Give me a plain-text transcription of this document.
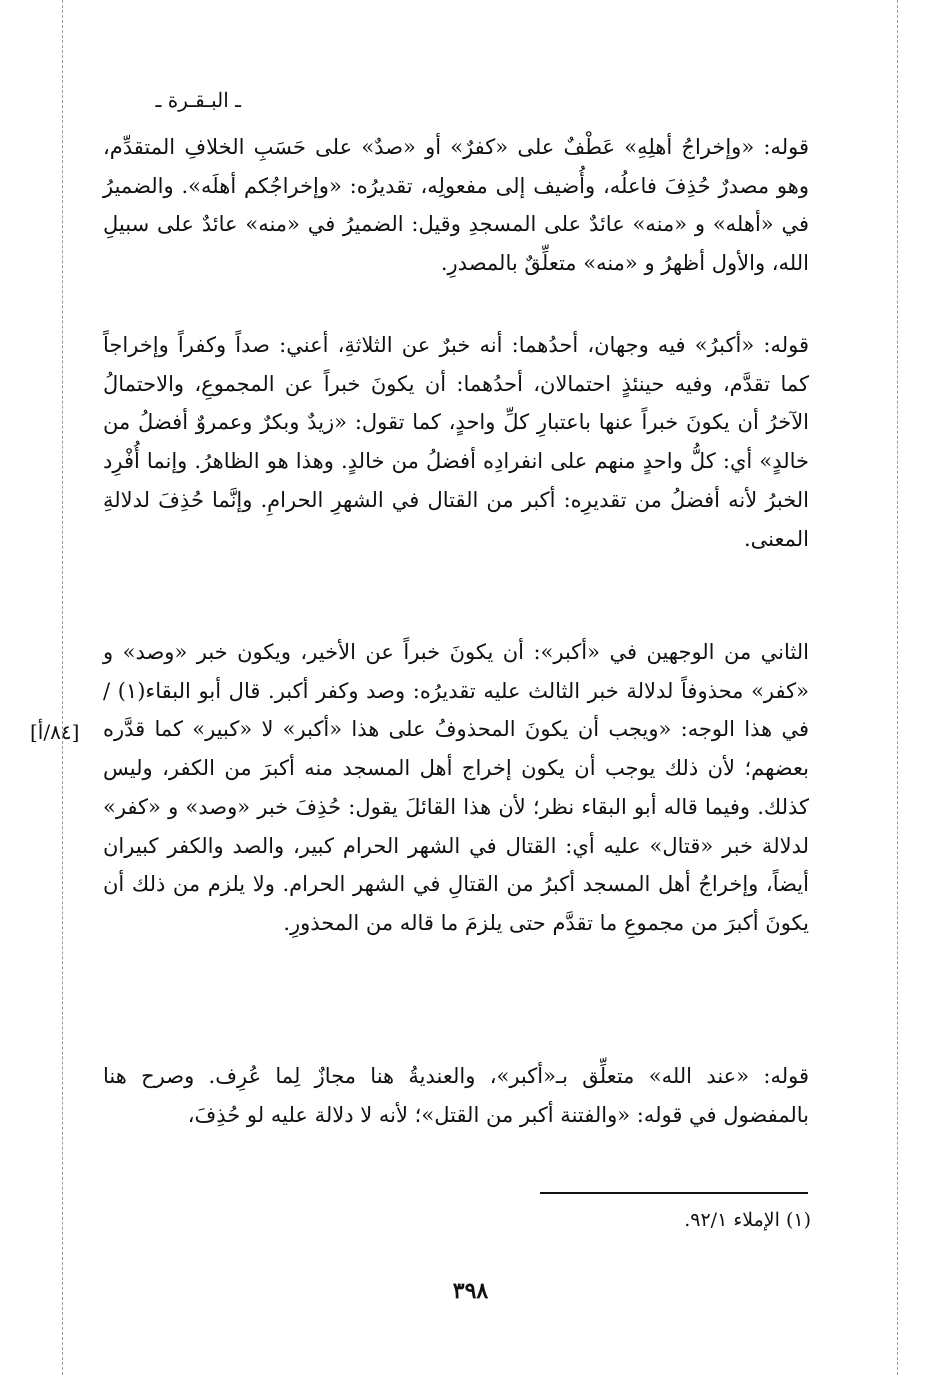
ـ البـقـرة ـ

قوله: «وإخراجُ أهلِهِ» عَطْفٌ على «كفرٌ» أو «صدٌ» على حَسَبِ الخلافِ المتقدِّم، وهو مصدرٌ حُذِفَ فاعلُه، وأُضيف إلى مفعولِه، تقديرُه: «وإخراجُكم أهلَه». والضميرُ في «أهله» و «منه» عائدٌ على المسجدِ وقيل: الضميرُ في «منه» عائدٌ على سبيلِ الله، والأول أظهرُ و «منه» متعلِّقٌ بالمصدرِ.

قوله: «أكبرُ» فيه وجهان، أحدُهما: أنه خبرٌ عن الثلاثةِ، أعني: صداً وكفراً وإخراجاً كما تقدَّم، وفيه حينئذٍ احتمالان، أحدُهما: أن يكونَ خبراً عن المجموعِ، والاحتمالُ الآخرُ أن يكونَ خبراً عنها باعتبارِ كلِّ واحدٍ، كما تقول: «زيدٌ وبكرٌ وعمروٌ أفضلُ من خالدٍ» أي: كلُّ واحدٍ منهم على انفرادِه أفضلُ من خالدٍ. وهذا هو الظاهرُ. وإنما أُفْرِد الخبرُ لأنه أفضلُ من تقديرِه: أكبر من القتال في الشهرِ الحرامِ. وإنَّما حُذِفَ لدلالةِ المعنى.

الثاني من الوجهين في «أكبر»: أن يكونَ خبراً عن الأخير، ويكون خبر «وصد» و «كفر» محذوفاً لدلالة خبر الثالث عليه تقديرُه: وصد وكفر أكبر. قال أبو البقاء(١) / في هذا الوجه: «ويجب أن يكونَ المحذوفُ على هذا «أكبر» لا «كبير» كما قدَّره بعضهم؛ لأن ذلك يوجب أن يكون إخراج أهل المسجد منه أكبرَ من الكفر، وليس كذلك. وفيما قاله أبو البقاء نظر؛ لأن هذا القائلَ يقول: حُذِفَ خبر «وصد» و «كفر» لدلالة خبر «قتال» عليه أي: القتال في الشهر الحرام كبير، والصد والكفر كبيران أيضاً، وإخراجُ أهل المسجد أكبرُ من القتالِ في الشهر الحرام. ولا يلزم من ذلك أن يكونَ أكبرَ من مجموعِ ما تقدَّم حتى يلزمَ ما قاله من المحذورِ.

قوله: «عند الله» متعلِّق بـ«أكبر»، والعنديةُ هنا مجازٌ لِما عُرِف. وصرح هنا بالمفضول في قوله: «والفتنة أكبر من القتل»؛ لأنه لا دلالة عليه لو حُذِفَ،

[٨٤/أ]
(١) الإملاء ٩٢/١.
٣٩٨
